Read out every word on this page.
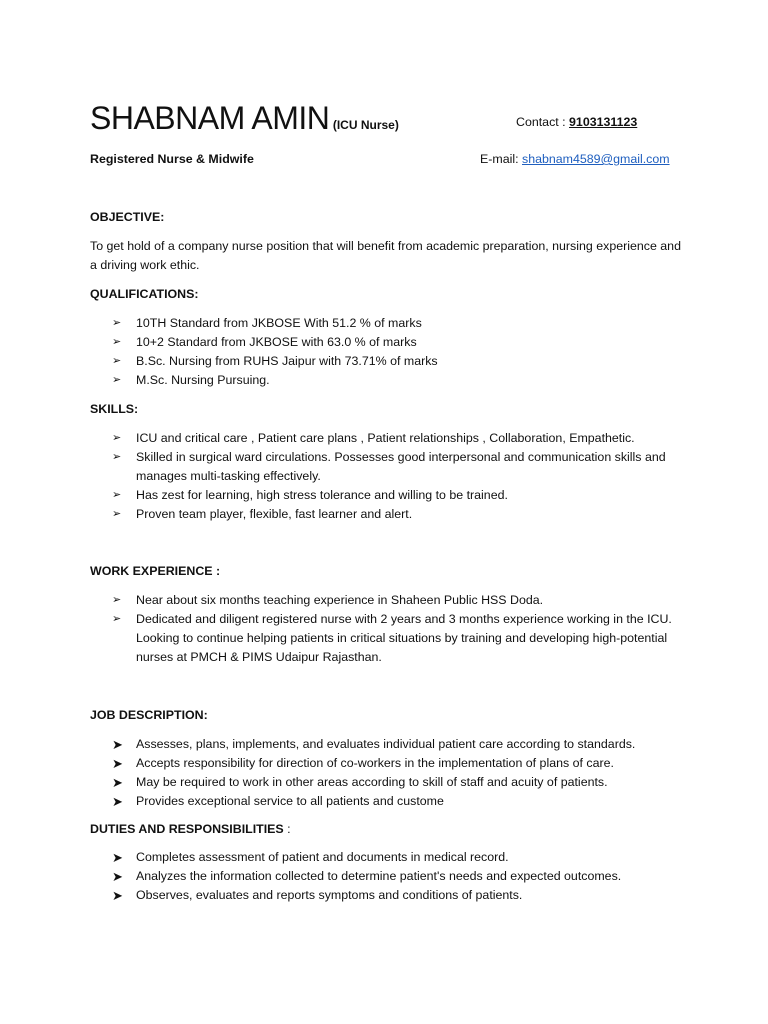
SHABNAM AMIN (ICU Nurse)	Contact : 9103131123
Registered Nurse & Midwife	E-mail: shabnam4589@gmail.com
OBJECTIVE:
To get hold of a company nurse position that will benefit from academic preparation, nursing experience and a driving work ethic.
QUALIFICATIONS:
➢ 10TH Standard from JKBOSE With 51.2 % of marks
➢ 10+2 Standard from JKBOSE with 63.0 % of marks
➢ B.Sc. Nursing from RUHS Jaipur with 73.71% of marks
➢ M.Sc. Nursing Pursuing.
SKILLS:
➢ ICU and critical care , Patient care plans , Patient relationships , Collaboration, Empathetic.
➢ Skilled in surgical ward circulations. Possesses good interpersonal and communication skills and manages multi-tasking effectively.
➢ Has zest for learning, high stress tolerance and willing to be trained.
➢ Proven team player, flexible, fast learner and alert.
WORK EXPERIENCE :
➢ Near about six months teaching experience in Shaheen Public HSS Doda.
➢ Dedicated and diligent registered nurse with 2 years and 3 months experience working in the ICU. Looking to continue helping patients in critical situations by training and developing high-potential nurses at PMCH & PIMS Udaipur Rajasthan.
JOB DESCRIPTION:
➤ Assesses, plans, implements, and evaluates individual patient care according to standards.
➤ Accepts responsibility for direction of co-workers in the implementation of plans of care.
➤ May be required to work in other areas according to skill of staff and acuity of patients.
➤ Provides exceptional service to all patients and custome
DUTIES AND RESPONSIBILITIES :
➤ Completes assessment of patient and documents in medical record.
➤ Analyzes the information collected to determine patient's needs and expected outcomes.
➤ Observes, evaluates and reports symptoms and conditions of patients.
